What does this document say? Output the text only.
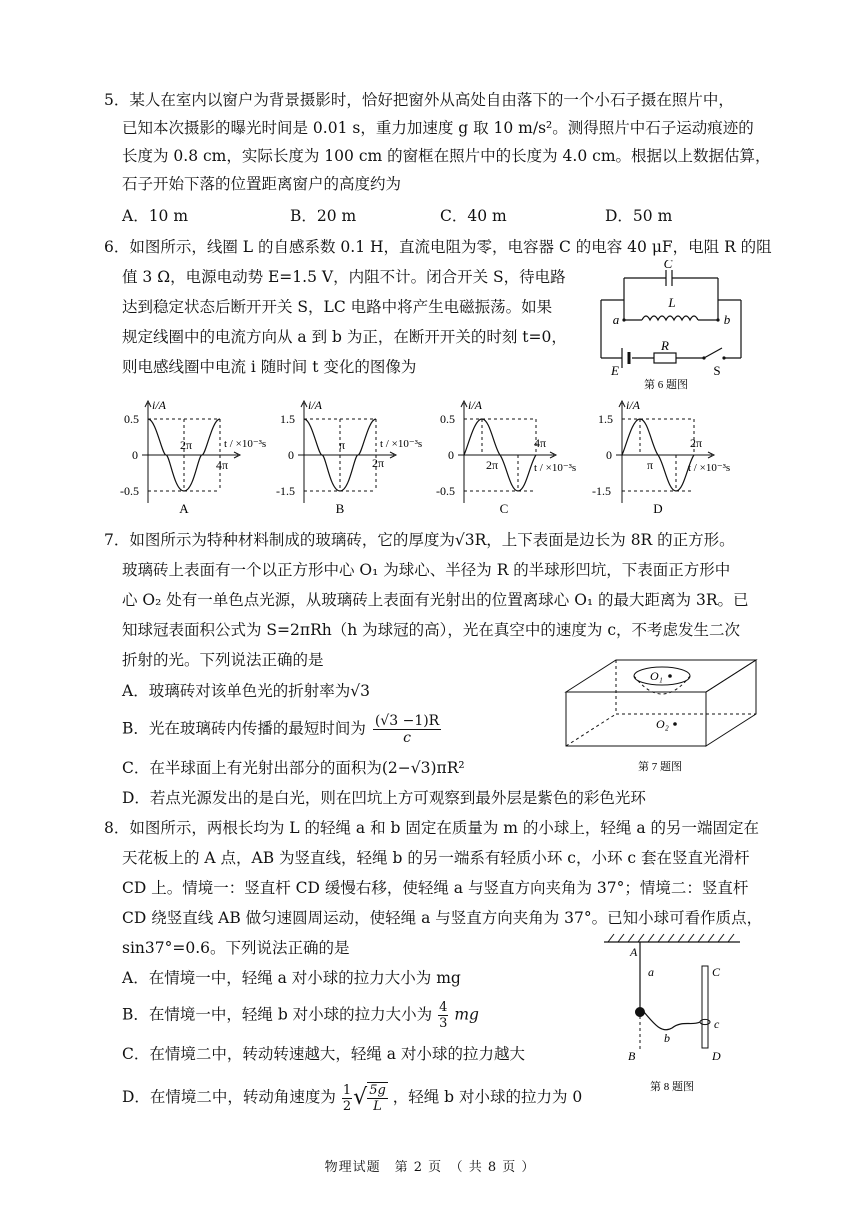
5．某人在室内以窗户为背景摄影时，恰好把窗外从高处自由落下的一个小石子摄在照片中，
已知本次摄影的曝光时间是 0.01 s，重力加速度 g 取 10 m/s²。测得照片中石子运动痕迹的
长度为 0.8 cm，实际长度为 100 cm 的窗框在照片中的长度为 4.0 cm。根据以上数据估算，
石子开始下落的位置距离窗户的高度约为
A．10 m	B．20 m	C．40 m	D．50 m
6．如图所示，线圈 L 的自感系数 0.1 H，直流电阻为零，电容器 C 的电容 40 μF，电阻 R 的阻
值 3 Ω，电源电动势 E=1.5 V，内阻不计。闭合开关 S，待电路
达到稳定状态后断开开关 S，LC 电路中将产生电磁振荡。如果
规定线圈中的电流方向从 a 到 b 为正，在断开开关的时刻 t=0，
则电感线圈中电流 i 随时间 t 变化的图像为
C
L
a	b
R
E	S
第 6 题图
i/A
0.5
0
-0.5
2π
4π
t / ×10⁻³s
A
i/A
1.5
0
-1.5
π
2π
t / ×10⁻³s
B
i/A
0.5
0
-0.5
2π
4π
t / ×10⁻³s
C
i/A
1.5
0
-1.5
π
2π
t / ×10⁻³s
D
7．如图所示为特种材料制成的玻璃砖，它的厚度为√3R，上下表面是边长为 8R 的正方形。
玻璃砖上表面有一个以正方形中心 O₁ 为球心、半径为 R 的半球形凹坑，下表面正方形中
心 O₂ 处有一单色点光源，从玻璃砖上表面有光射出的位置离球心 O₁ 的最大距离为 3R。已
知球冠表面积公式为 S=2πRh（h 为球冠的高），光在真空中的速度为 c，不考虑发生二次
折射的光。下列说法正确的是
A．玻璃砖对该单色光的折射率为√3
B．光在玻璃砖内传播的最短时间为 $\frac{(√3 -1)R}{c}$
C．在半球面上有光射出部分的面积为(2−√3)πR²
D．若点光源发出的是白光，则在凹坑上方可观察到最外层是紫色的彩色光环
O₁
O₂
第 7 题图
8．如图所示，两根长均为 L 的轻绳 a 和 b 固定在质量为 m 的小球上，轻绳 a 的另一端固定在
天花板上的 A 点，AB 为竖直线，轻绳 b 的另一端系有轻质小环 c，小环 c 套在竖直光滑杆
CD 上。情境一：竖直杆 CD 缓慢右移，使轻绳 a 与竖直方向夹角为 37°；情境二：竖直杆
CD 绕竖直线 AB 做匀速圆周运动，使轻绳 a 与竖直方向夹角为 37°。已知小球可看作质点，
sin37°=0.6。下列说法正确的是
A．在情境一中，轻绳 a 对小球的拉力大小为 mg
B．在情境一中，轻绳 b 对小球的拉力大小为 $\frac{4}{3}$ mg
C．在情境二中，转动转速越大，轻绳 a 对小球的拉力越大
D．在情境二中，转动角速度为 $\frac{1}{2}$ √ $\frac{5g}{L}$ ，轻绳 b 对小球的拉力为 0
A
a	C
b
c
B	D
第 8 题图
物理试题　第 2 页　（ 共 8 页 ）
